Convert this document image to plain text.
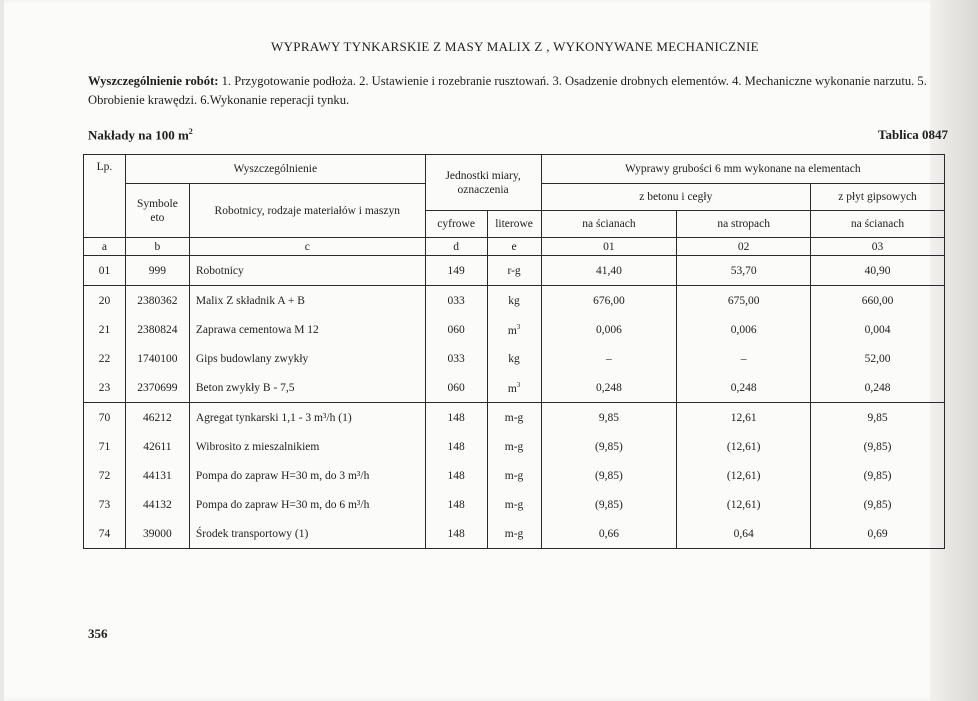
WYPRAWY TYNKARSKIE Z MASY MALIX Z , WYKONYWANE MECHANICZNIE
Wyszczególnienie robót: 1. Przygotowanie podłoża. 2. Ustawienie i rozebranie rusztowań. 3. Osadzenie drobnych elementów. 4. Mechaniczne wykonanie narzutu. 5. Obrobienie krawędzi. 6.Wykonanie reperacji tynku.
Nakłady na 100 $m^2$	Tablica 0847
Lp.	Wyszczególnienie		Jednostki miary, oznaczenia		Wyprawy grubości 6 mm wykonane na elementach		
	Symbole eto	Robotnicy, rodzaje materiałów i maszyn			z betonu i cegły		z płyt gipsowych
			cyfrowe	literowe	na ścianach	na stropach	na ścianach
a	b	c	d	e	01	02	03
01	999	Robotnicy	149	r-g	41,40	53,70	40,90
20	2380362	Malix Z składnik A + B	033	kg	676,00	675,00	660,00
21	2380824	Zaprawa cementowa M 12	060	$m^3$	0,006	0,006	0,004
22	1740100	Gips budowlany zwykły	033	kg	–	–	52,00
23	2370699	Beton zwykły B - 7,5	060	$m^3$	0,248	0,248	0,248
70	46212	Agregat tynkarski 1,1 - 3 m³/h (1)	148	m-g	9,85	12,61	9,85
71	42611	Wibrosito z mieszalnikiem	148	m-g	(9,85)	(12,61)	(9,85)
72	44131	Pompa do zapraw H=30 m, do 3 m³/h	148	m-g	(9,85)	(12,61)	(9,85)
73	44132	Pompa do zapraw H=30 m, do 6 m³/h	148	m-g	(9,85)	(12,61)	(9,85)
74	39000	Środek transportowy (1)	148	m-g	0,66	0,64	0,69
356
